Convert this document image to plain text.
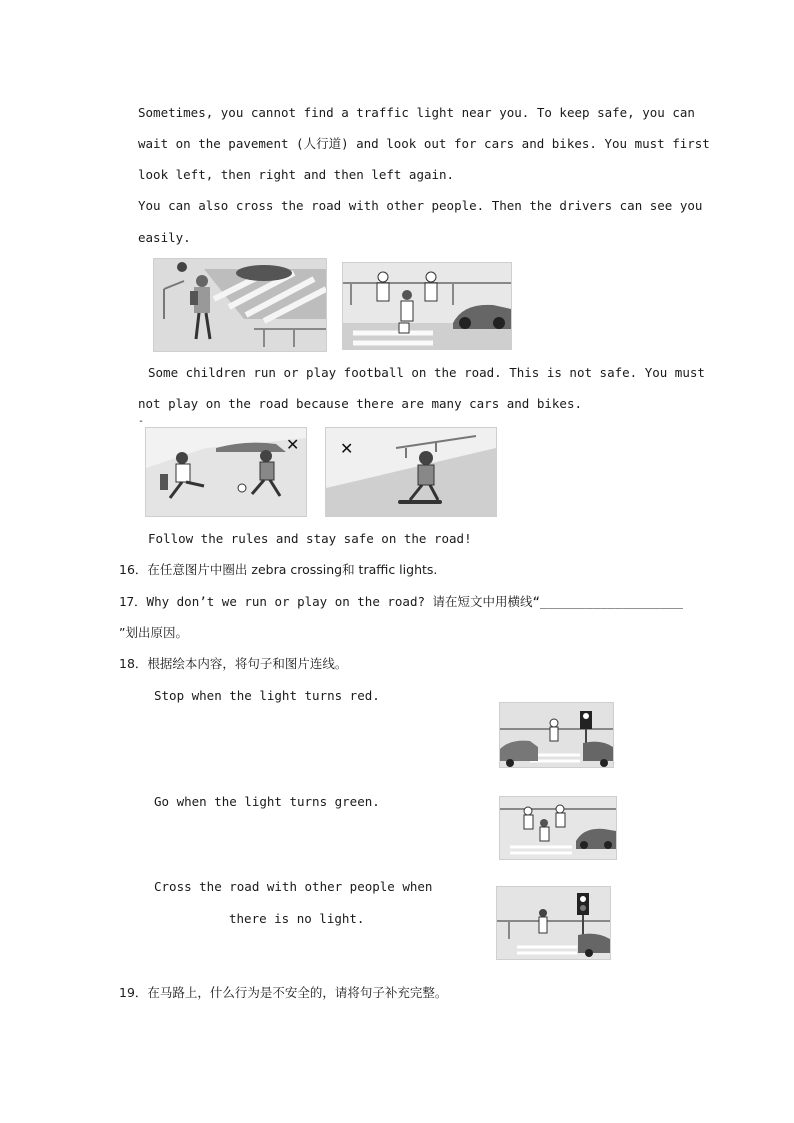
Sometimes, you cannot find a traffic light near you. To keep safe, you can
wait on the pavement (人行道) and look out for cars and bikes. You must first
look left, then right and then left again.
You can also cross the road with other people. Then the drivers can see you
easily.
Some children run or play football on the road. This is not safe. You must
not play on the road because there are many cars and bikes.
-
✕	✕
Follow the rules and stay safe on the road!
16．在任意图片中圈出 zebra crossing和 traffic lights.
17．Why don’t we run or play on the road? 请在短文中用横线“___________________
”划出原因。
18．根据绘本内容，将句子和图片连线。
Stop when the light turns red.
Go when the light turns green.
Cross the road with other people when
there is no light.
19．在马路上，什么行为是不安全的，请将句子补充完整。
